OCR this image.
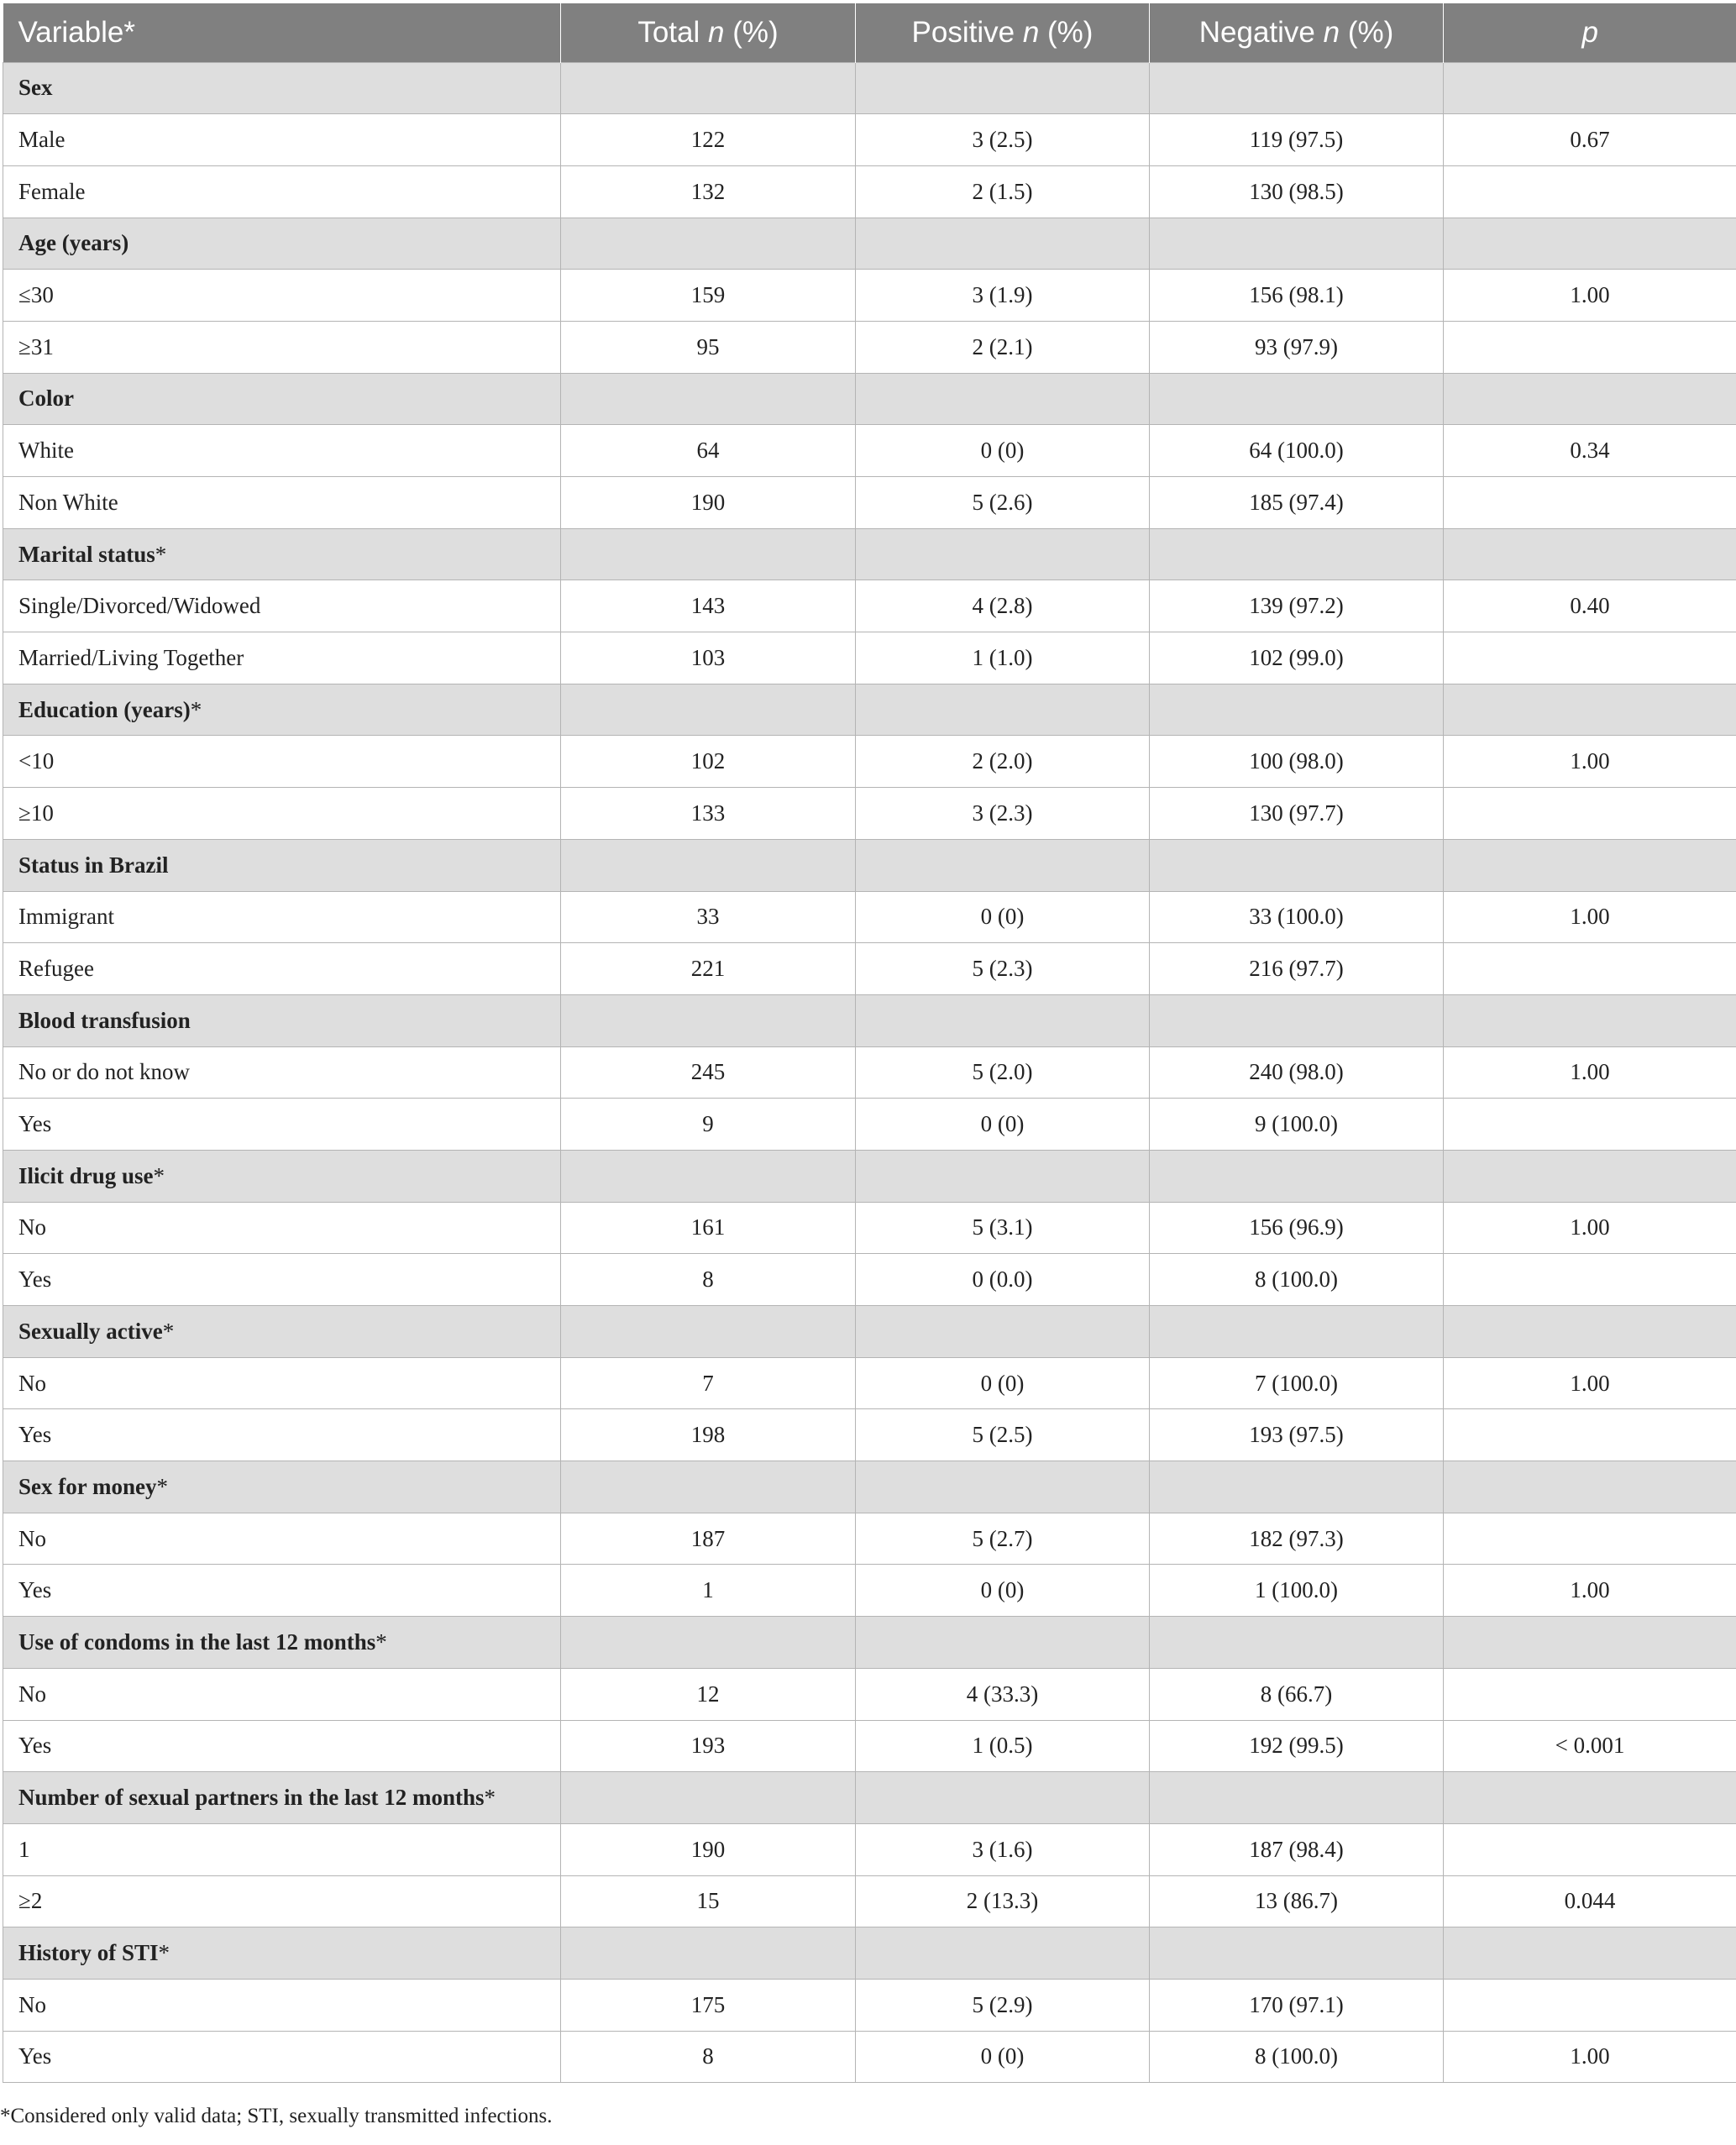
Variable*	Total n (%)	Positive n (%)	Negative n (%)	p
Sex				
Male	122	3 (2.5)	119 (97.5)	0.67
Female	132	2 (1.5)	130 (98.5)	
Age (years)				
≤30	159	3 (1.9)	156 (98.1)	1.00
≥31	95	2 (2.1)	93 (97.9)	
Color				
White	64	0 (0)	64 (100.0)	0.34
Non White	190	5 (2.6)	185 (97.4)	
Marital status*				
Single/Divorced/Widowed	143	4 (2.8)	139 (97.2)	0.40
Married/Living Together	103	1 (1.0)	102 (99.0)	
Education (years)*				
<10	102	2 (2.0)	100 (98.0)	1.00
≥10	133	3 (2.3)	130 (97.7)	
Status in Brazil				
Immigrant	33	0 (0)	33 (100.0)	1.00
Refugee	221	5 (2.3)	216 (97.7)	
Blood transfusion				
No or do not know	245	5 (2.0)	240 (98.0)	1.00
Yes	9	0 (0)	9 (100.0)	
Ilicit drug use*				
No	161	5 (3.1)	156 (96.9)	1.00
Yes	8	0 (0.0)	8 (100.0)	
Sexually active*				
No	7	0 (0)	7 (100.0)	1.00
Yes	198	5 (2.5)	193 (97.5)	
Sex for money*				
No	187	5 (2.7)	182 (97.3)	
Yes	1	0 (0)	1 (100.0)	1.00
Use of condoms in the last 12 months*				
No	12	4 (33.3)	8 (66.7)	
Yes	193	1 (0.5)	192 (99.5)	< 0.001
Number of sexual partners in the last 12 months*				
1	190	3 (1.6)	187 (98.4)	
≥2	15	2 (13.3)	13 (86.7)	0.044
History of STI*				
No	175	5 (2.9)	170 (97.1)	
Yes	8	0 (0)	8 (100.0)	1.00
*Considered only valid data; STI, sexually transmitted infections.
